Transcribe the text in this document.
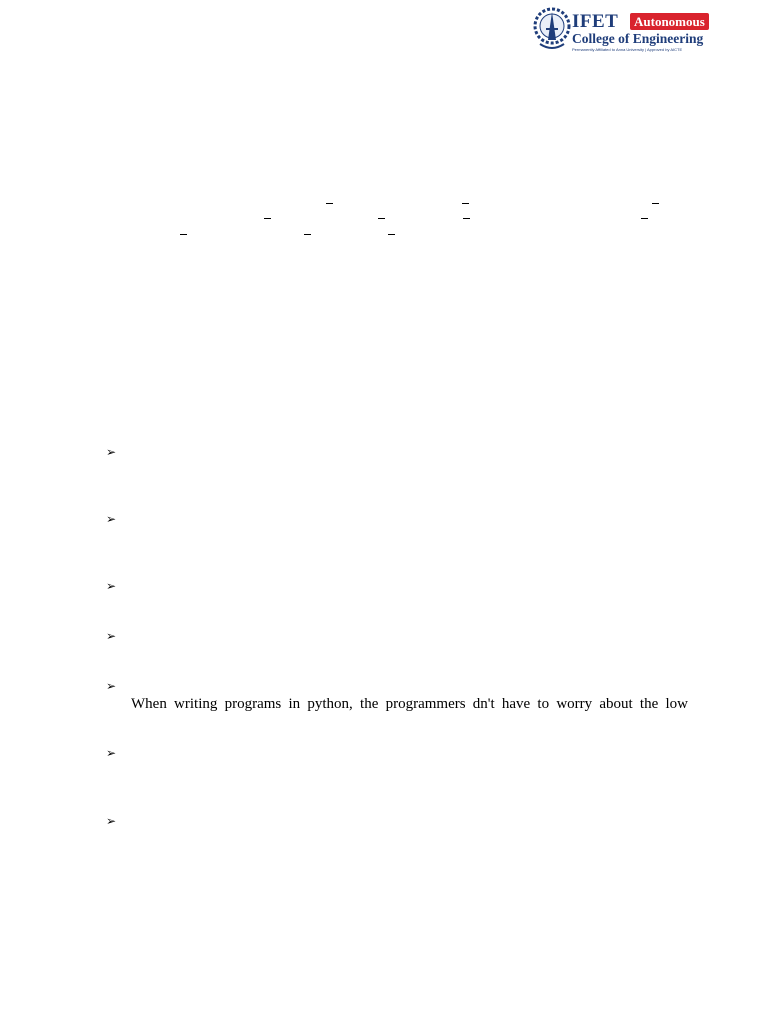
IFET	Autonomous
College of Engineering
Permanently Affiliated to Anna University | Approved by AICTE
➢
➢
➢
➢
➢
➢
➢
When writing programs in python, the programmers dn't have to worry about the low
